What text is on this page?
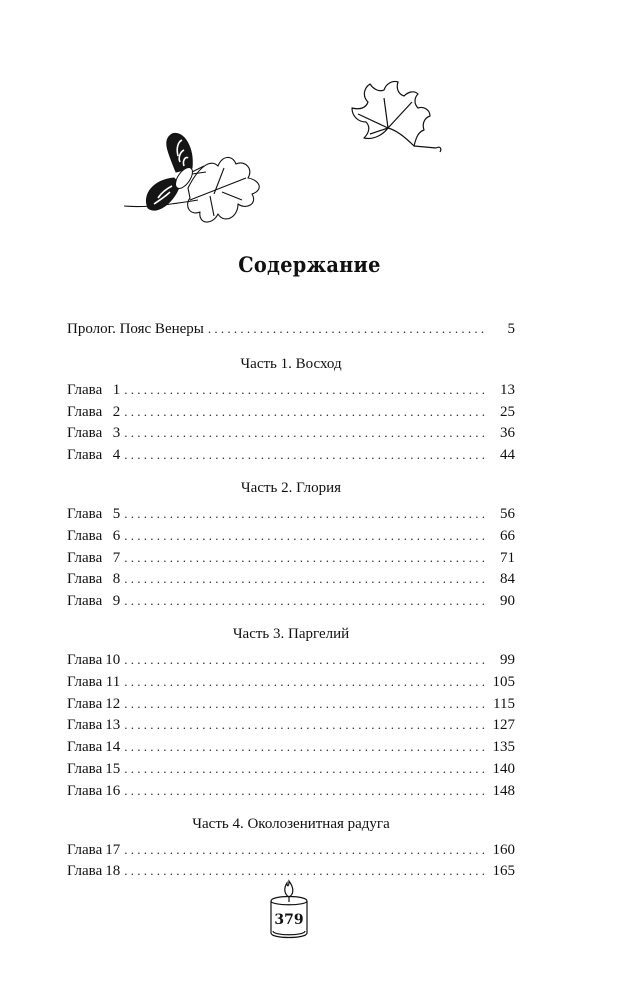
Содержание
Пролог. Пояс Венеры . . .	5
Часть 1. Восход
Глава 1 . . .	13
Глава 2 . . .	25
Глава 3 . . .	36
Глава 4 . . .	44
Часть 2. Глория
Глава 5 . . .	56
Глава 6 . . .	66
Глава 7 . . .	71
Глава 8 . . .	84
Глава 9 . . .	90
Часть 3. Паргелий
Глава 10 . . .	99
Глава 11 . . .	105
Глава 12 . . .	115
Глава 13 . . .	127
Глава 14 . . .	135
Глава 15 . . .	140
Глава 16 . . .	148
Часть 4. Околозенитная радуга
Глава 17 . . .	160
Глава 18 . . .	165
379
